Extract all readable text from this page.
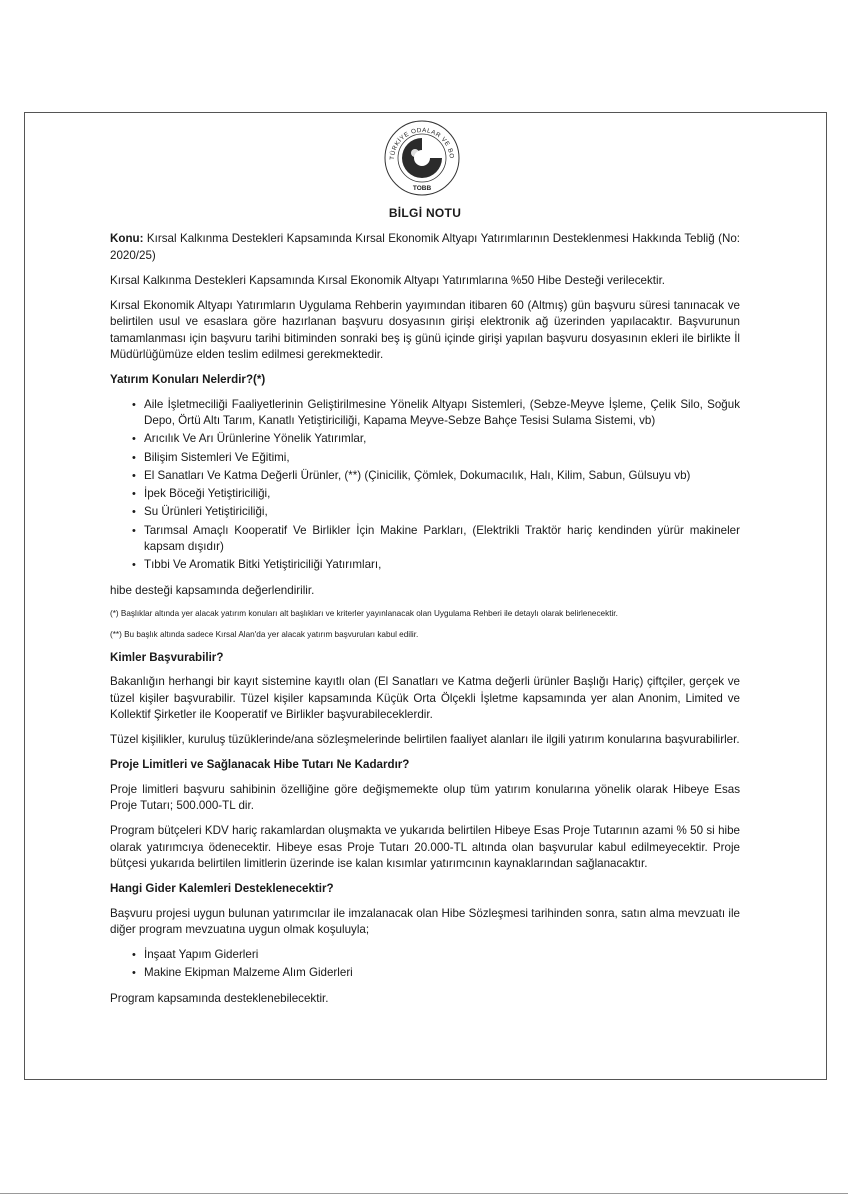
TÜRKİYE ODALAR VE BO
TOBB
BİLGİ NOTU

Konu: Kırsal Kalkınma Destekleri Kapsamında Kırsal Ekonomik Altyapı Yatırımlarının Desteklenmesi Hakkında Tebliğ (No: 2020/25)

Kırsal Kalkınma Destekleri Kapsamında Kırsal Ekonomik Altyapı Yatırımlarına %50 Hibe Desteği verilecektir.

Kırsal Ekonomik Altyapı Yatırımların Uygulama Rehberin yayımından itibaren 60 (Altmış) gün başvuru süresi tanınacak ve belirtilen usul ve esaslara göre hazırlanan başvuru dosyasının girişi elektronik ağ üzerinden yapılacaktır. Başvurunun tamamlanması için başvuru tarihi bitiminden sonraki beş iş günü içinde girişi yapılan başvuru dosyasının ekleri ile birlikte İl Müdürlüğümüze elden teslim edilmesi gerekmektedir.

Yatırım Konuları Nelerdir?(*)
• Aile İşletmeciliği Faaliyetlerinin Geliştirilmesine Yönelik Altyapı Sistemleri, (Sebze-Meyve İşleme, Çelik Silo, Soğuk Depo, Örtü Altı Tarım, Kanatlı Yetiştiriciliği, Kapama Meyve-Sebze Bahçe Tesisi Sulama Sistemi, vb)
• Arıcılık Ve Arı Ürünlerine Yönelik Yatırımlar,
• Bilişim Sistemleri Ve Eğitimi,
• El Sanatları Ve Katma Değerli Ürünler, (**) (Çinicilik, Çömlek, Dokumacılık, Halı, Kilim, Sabun, Gülsuyu vb)
• İpek Böceği Yetiştiriciliği,
• Su Ürünleri Yetiştiriciliği,
• Tarımsal Amaçlı Kooperatif Ve Birlikler İçin Makine Parkları, (Elektrikli Traktör hariç kendinden yürür makineler kapsam dışıdır)
• Tıbbi Ve Aromatik Bitki Yetiştiriciliği Yatırımları,

hibe desteği kapsamında değerlendirilir.

(*) Başlıklar altında yer alacak yatırım konuları alt başlıkları ve kriterler yayınlanacak olan Uygulama Rehberi ile detaylı olarak belirlenecektir.

(**) Bu başlık altında sadece Kırsal Alan'da yer alacak yatırım başvuruları kabul edilir.

Kimler Başvurabilir?

Bakanlığın herhangi bir kayıt sistemine kayıtlı olan (El Sanatları ve Katma değerli ürünler Başlığı Hariç) çiftçiler, gerçek ve tüzel kişiler başvurabilir. Tüzel kişiler kapsamında Küçük Orta Ölçekli İşletme kapsamında yer alan Anonim, Limited ve Kollektif Şirketler ile Kooperatif ve Birlikler başvurabileceklerdir.

Tüzel kişilikler, kuruluş tüzüklerinde/ana sözleşmelerinde belirtilen faaliyet alanları ile ilgili yatırım konularına başvurabilirler.

Proje Limitleri ve Sağlanacak Hibe Tutarı Ne Kadardır?

Proje limitleri başvuru sahibinin özelliğine göre değişmemekte olup tüm yatırım konularına yönelik olarak Hibeye Esas Proje Tutarı; 500.000-TL dir.

Program bütçeleri KDV hariç rakamlardan oluşmakta ve yukarıda belirtilen Hibeye Esas Proje Tutarının azami % 50 si hibe olarak yatırımcıya ödenecektir. Hibeye esas Proje Tutarı 20.000-TL altında olan başvurular kabul edilmeyecektir. Proje bütçesi yukarıda belirtilen limitlerin üzerinde ise kalan kısımlar yatırımcının kaynaklarından sağlanacaktır.

Hangi Gider Kalemleri Desteklenecektir?

Başvuru projesi uygun bulunan yatırımcılar ile imzalanacak olan Hibe Sözleşmesi tarihinden sonra, satın alma mevzuatı ile diğer program mevzuatına uygun olmak koşuluyla;

• İnşaat Yapım Giderleri
• Makine Ekipman Malzeme Alım Giderleri

Program kapsamında desteklenebilecektir.
